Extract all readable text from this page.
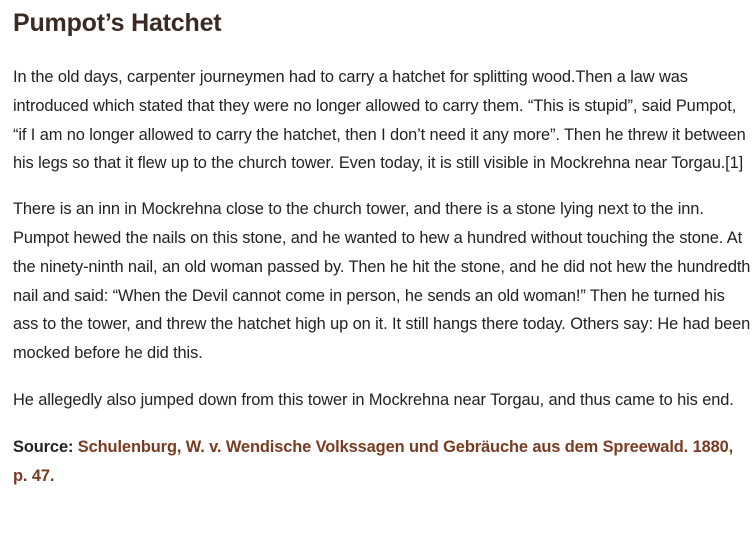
Pumpot’s Hatchet

In the old days, carpenter journeymen had to carry a hatchet for splitting wood.Then a law was introduced which stated that they were no longer allowed to carry them. “This is stupid”, said Pumpot, “if I am no longer allowed to carry the hatchet, then I don’t need it any more”. Then he threw it between his legs so that it flew up to the church tower. Even today, it is still visible in Mockrehna near Torgau.[1]

There is an inn in Mockrehna close to the church tower, and there is a stone lying next to the inn. Pumpot hewed the nails on this stone, and he wanted to hew a hundred without touching the stone. At the ninety-ninth nail, an old woman passed by. Then he hit the stone, and he did not hew the hundredth nail and said: “When the Devil cannot come in person, he sends an old woman!” Then he turned his ass to the tower, and threw the hatchet high up on it. It still hangs there today. Others say: He had been mocked before he did this.

He allegedly also jumped down from this tower in Mockrehna near Torgau, and thus came to his end.

Source: Schulenburg, W. v. Wendische Volkssagen und Gebräuche aus dem Spreewald. 1880, p. 47.
